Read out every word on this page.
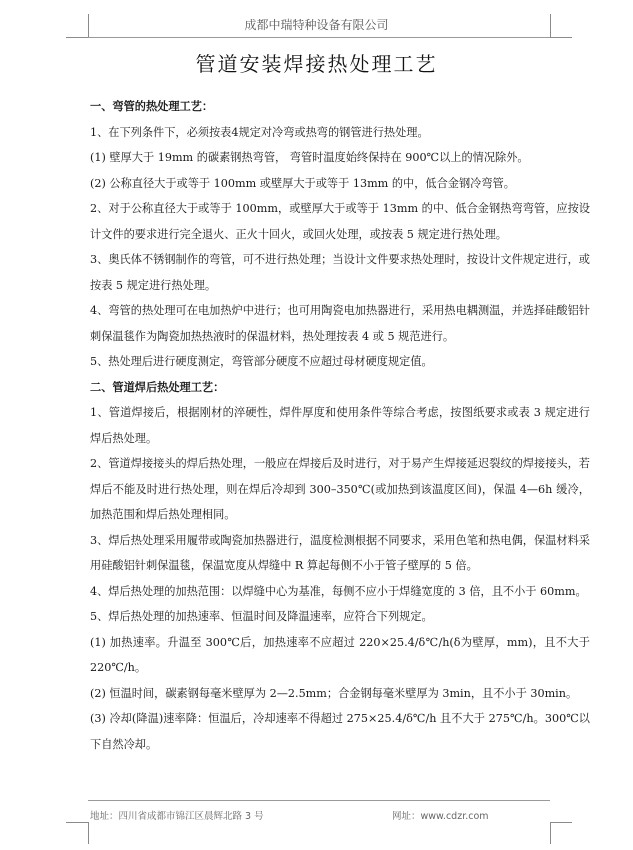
成都中瑞特种设备有限公司
管道安装焊接热处理工艺

一、弯管的热处理工艺：

1、在下列条件下，必须按表4规定对冷弯或热弯的钢管进行热处理。

(1) 壁厚大于 19mm 的碳素钢热弯管， 弯管时温度始终保持在 900℃以上的情况除外。

(2) 公称直径大于或等于 100mm 或壁厚大于或等于 13mm 的中，低合金钢冷弯管。

2、对于公称直径大于或等于 100mm，或壁厚大于或等于 13mm 的中、低合金钢热弯弯管，应按设计文件的要求进行完全退火、正火十回火，或回火处理，或按表 5 规定进行热处理。

3、奥氏体不锈钢制作的弯管，可不进行热处理；当设计文件要求热处理时，按设计文件规定进行，或按表 5 规定进行热处理。

4、弯管的热处理可在电加热炉中进行；也可用陶瓷电加热器进行，采用热电耦测温，并选择硅酸铝针刺保温毯作为陶瓷加热热液时的保温材料，热处理按表 4 或 5 规范进行。

5、热处理后进行硬度测定，弯管部分硬度不应超过母材硬度规定值。

二、管道焊后热处理工艺：

1、管道焊接后，根据刚材的淬硬性，焊件厚度和使用条件等综合考虑，按图纸要求或表 3 规定进行焊后热处理。

2、管道焊接接头的焊后热处理，一般应在焊接后及时进行，对于易产生焊接延迟裂纹的焊接接头，若焊后不能及时进行热处理，则在焊后冷却到 300–350℃(或加热到该温度区间)，保温 4—6h 缓冷，加热范围和焊后热处理相同。

3、焊后热处理采用履带或陶瓷加热器进行，温度检测根据不同要求，采用色笔和热电偶，保温材料采用硅酸铝针刺保温毯，保温宽度从焊缝中 R 算起每侧不小于管子壁厚的 5 倍。

4、焊后热处理的加热范围：以焊缝中心为基准，每侧不应小于焊缝宽度的 3 倍，且不小于 60mm。

5、焊后热处理的加热速率、恒温时间及降温速率，应符合下列规定。

(1) 加热速率。升温至 300℃后，加热速率不应超过 220×25.4/δ℃/h(δ为壁厚，mm)，且不大于 220℃/h。

(2) 恒温时间，碳素钢每毫米壁厚为 2—2.5mm；合金钢每毫米壁厚为 3min，且不小于 30min。

(3) 冷却(降温)速率降：恒温后，冷却速率不得超过 275×25.4/δ℃/h 且不大于 275℃/h。300℃以下自然冷却。

地址：四川省成都市锦江区晨辉北路 3 号	网址：www.cdzr.com
